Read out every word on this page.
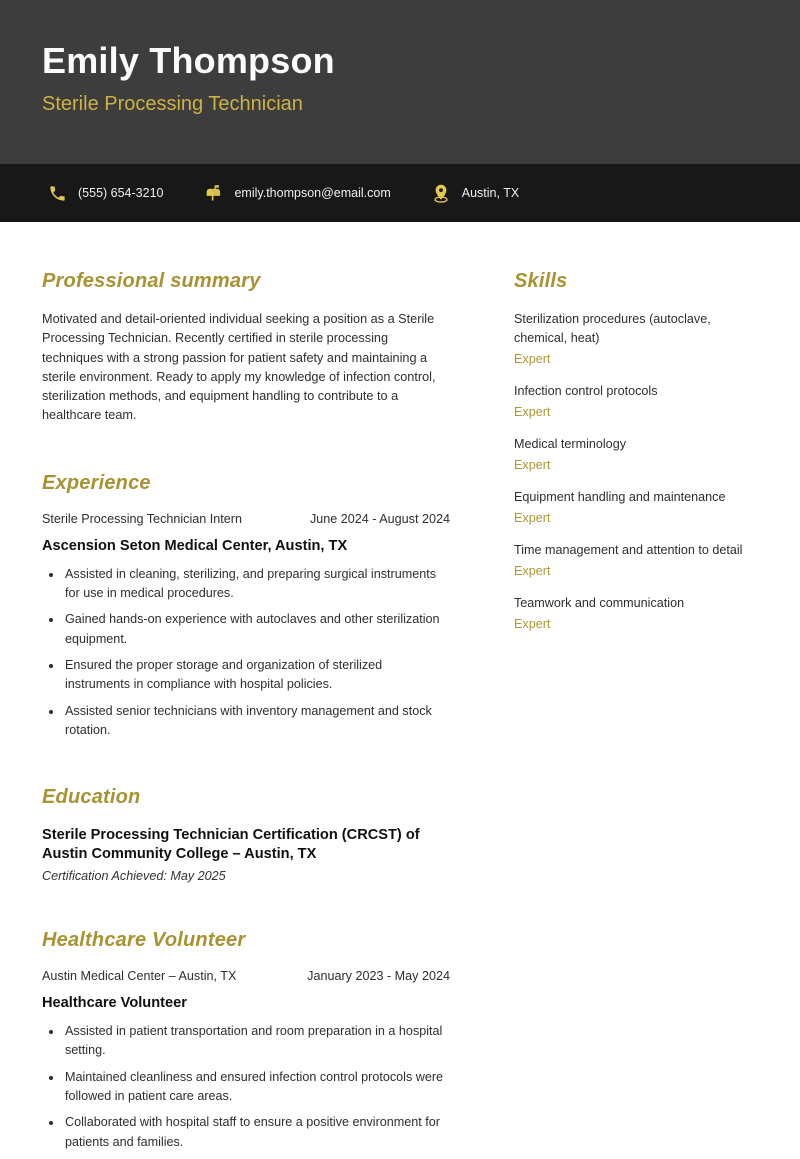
Emily Thompson
Sterile Processing Technician
(555) 654-3210	emily.thompson@email.com	Austin, TX
Professional summary

Motivated and detail-oriented individual seeking a position as a Sterile Processing Technician. Recently certified in sterile processing techniques with a strong passion for patient safety and maintaining a sterile environment. Ready to apply my knowledge of infection control, sterilization methods, and equipment handling to contribute to a healthcare team.

Experience
Sterile Processing Technician Intern	June 2024 - August 2024
Ascension Seton Medical Center, Austin, TX
• Assisted in cleaning, sterilizing, and preparing surgical instruments for use in medical procedures.
• Gained hands-on experience with autoclaves and other sterilization equipment.
• Ensured the proper storage and organization of sterilized instruments in compliance with hospital policies.
• Assisted senior technicians with inventory management and stock rotation.
Education
Sterile Processing Technician Certification (CRCST) of Austin Community College – Austin, TX
Certification Achieved: May 2025
Healthcare Volunteer
Austin Medical Center – Austin, TX	January 2023 - May 2024
Healthcare Volunteer
• Assisted in patient transportation and room preparation in a hospital setting.
• Maintained cleanliness and ensured infection control protocols were followed in patient care areas.
• Collaborated with hospital staff to ensure a positive environment for patients and families.
Skills
Sterilization procedures (autoclave, chemical, heat)
Expert
Infection control protocols
Expert
Medical terminology
Expert
Equipment handling and maintenance
Expert
Time management and attention to detail
Expert
Teamwork and communication
Expert
